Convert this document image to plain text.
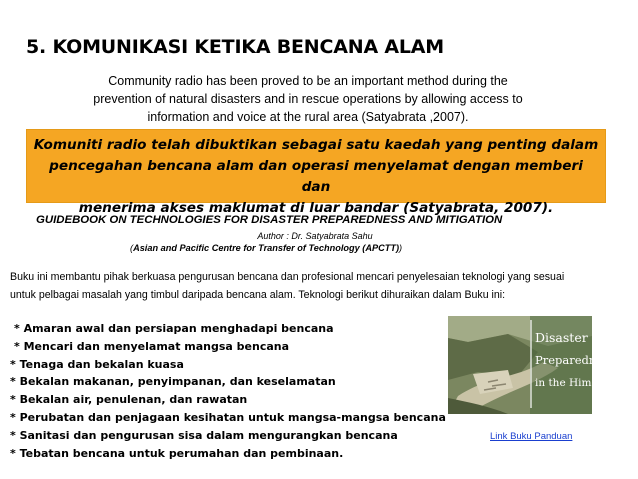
5. KOMUNIKASI KETIKA BENCANA ALAM
Community radio has been proved to be an important method during the
prevention of natural disasters and in rescue operations by allowing access to
information and voice at the rural area (Satyabrata ,2007).
Komuniti radio telah dibuktikan sebagai satu kaedah yang penting dalam
pencegahan bencana alam dan operasi menyelamat dengan memberi dan
menerima akses maklumat di luar bandar (Satyabrata, 2007).
GUIDEBOOK ON TECHNOLOGIES FOR DISASTER PREPAREDNESS AND MITIGATION
Author : Dr. Satyabrata Sahu
(Asian and Pacific Centre for Transfer of Technology (APCTT))
Buku ini membantu pihak berkuasa pengurusan bencana dan profesional mencari penyelesaian teknologi yang sesuai
untuk pelbagai masalah yang timbul daripada bencana alam. Teknologi berikut dihuraikan dalam Buku ini:
* Amaran awal dan persiapan menghadapi bencana
* Mencari dan menyelamat mangsa bencana
* Tenaga dan bekalan kuasa
* Bekalan makanan, penyimpanan, dan keselamatan
* Bekalan air, penulenan, dan rawatan
* Perubatan dan penjagaan kesihatan untuk mangsa-mangsa bencana
* Sanitasi dan pengurusan sisa dalam mengurangkan bencana
* Tebatan bencana untuk perumahan dan pembinaan.
Disaster
Preparedness
in the Himalayas
Link Buku Panduan
